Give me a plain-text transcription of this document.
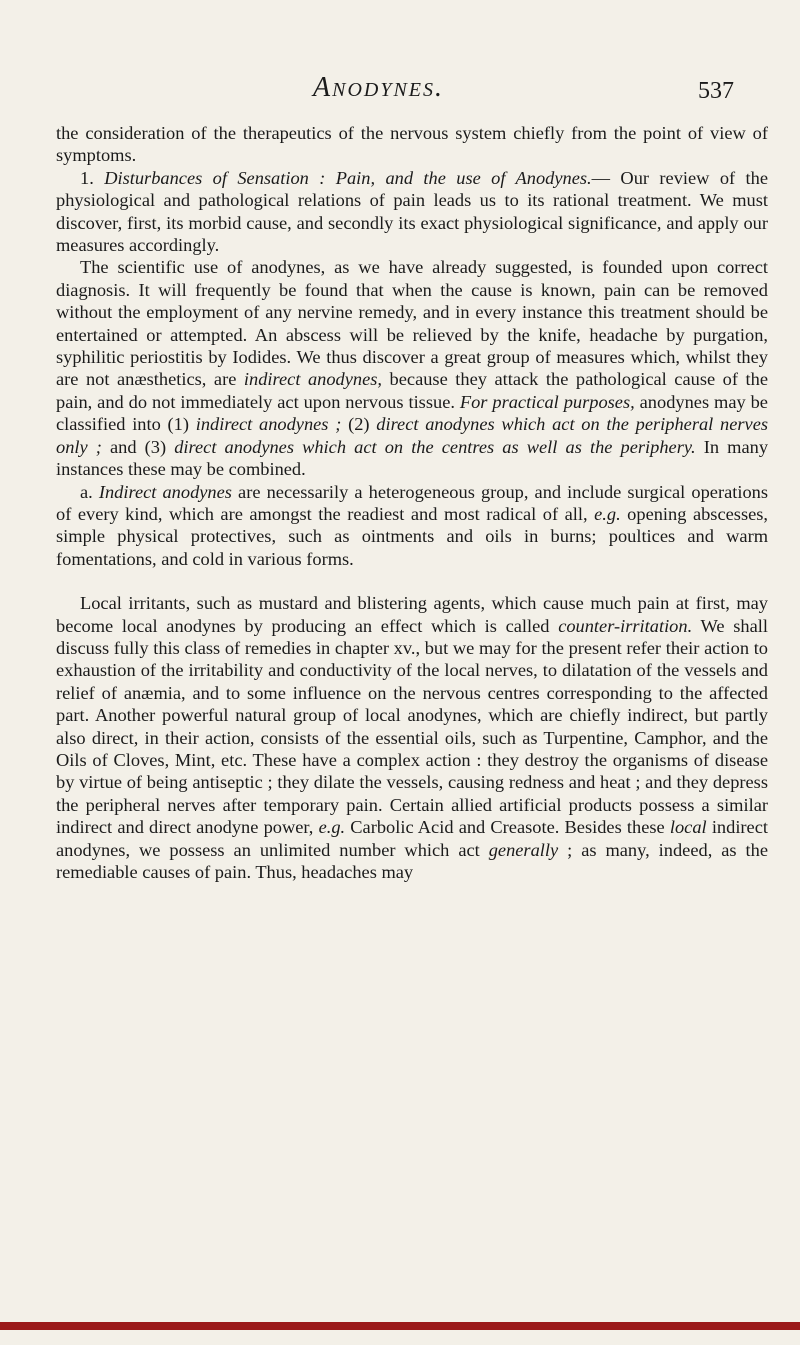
Anodynes.	537

the consideration of the therapeutics of the nervous system chiefly from the point of view of symptoms.

1. Disturbances of Sensation : Pain, and the use of Anodynes.— Our review of the physiological and pathological relations of pain leads us to its rational treatment. We must discover, first, its morbid cause, and secondly its exact physiological significance, and apply our measures accordingly.

The scientific use of anodynes, as we have already suggested, is founded upon correct diagnosis. It will frequently be found that when the cause is known, pain can be removed without the employment of any nervine remedy, and in every instance this treatment should be entertained or attempted. An abscess will be relieved by the knife, headache by purgation, syphilitic periostitis by Iodides. We thus discover a great group of measures which, whilst they are not anæsthetics, are indirect anodynes, because they attack the pathological cause of the pain, and do not immediately act upon nervous tissue. For practical purposes, anodynes may be classified into (1) indirect anodynes ; (2) direct anodynes which act on the peripheral nerves only ; and (3) direct anodynes which act on the centres as well as the periphery. In many instances these may be combined.

a. Indirect anodynes are necessarily a heterogeneous group, and include surgical operations of every kind, which are amongst the readiest and most radical of all, e.g. opening abscesses, simple physical protectives, such as ointments and oils in burns; poultices and warm fomentations, and cold in various forms.

Local irritants, such as mustard and blistering agents, which cause much pain at first, may become local anodynes by producing an effect which is called counter-irritation. We shall discuss fully this class of remedies in chapter xv., but we may for the present refer their action to exhaustion of the irritability and conductivity of the local nerves, to dilatation of the vessels and relief of anæmia, and to some influence on the nervous centres corresponding to the affected part. Another powerful natural group of local anodynes, which are chiefly indirect, but partly also direct, in their action, consists of the essential oils, such as Turpentine, Camphor, and the Oils of Cloves, Mint, etc. These have a complex action : they destroy the organisms of disease by virtue of being antiseptic ; they dilate the vessels, causing redness and heat ; and they depress the peripheral nerves after temporary pain. Certain allied artificial products possess a similar indirect and direct anodyne power, e.g. Carbolic Acid and Creasote. Besides these local indirect anodynes, we possess an unlimited number which act generally ; as many, indeed, as the remediable causes of pain. Thus, headaches may
